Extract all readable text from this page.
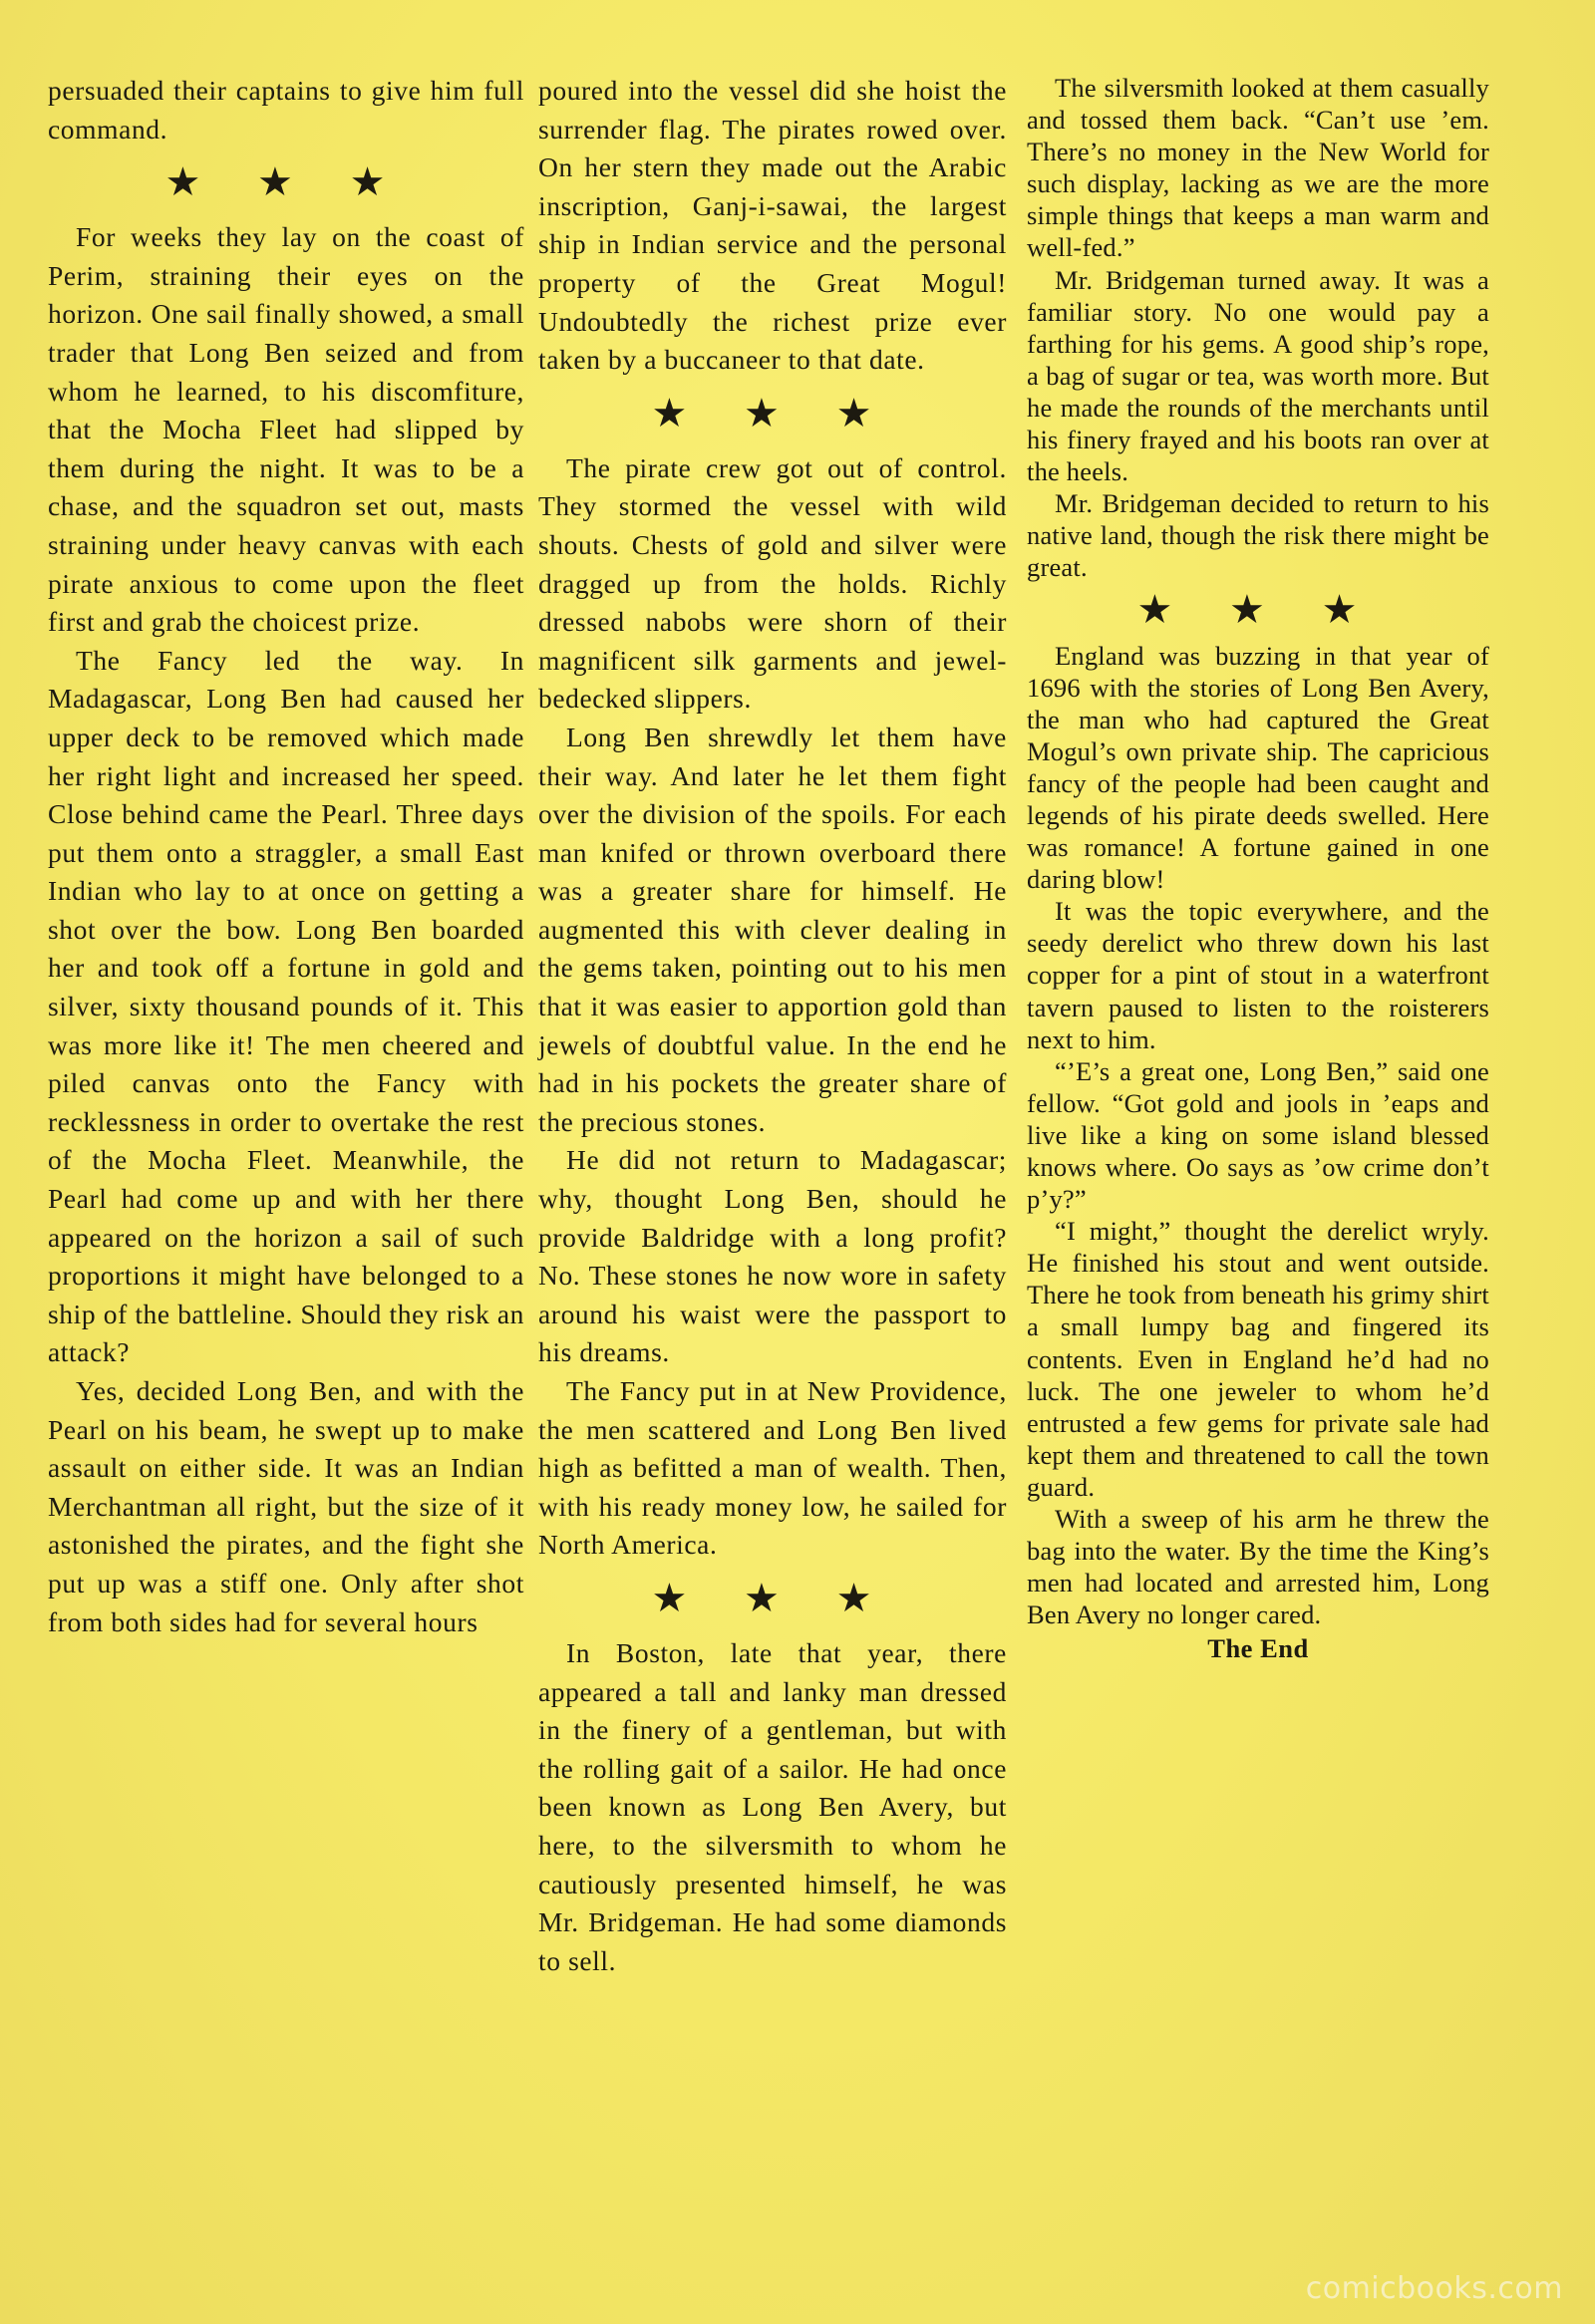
persuaded their captains to give him full command.

★ ★ ★

For weeks they lay on the coast of Perim, straining their eyes on the horizon. One sail finally showed, a small trader that Long Ben seized and from whom he learned, to his discomfiture, that the Mocha Fleet had slipped by them during the night. It was to be a chase, and the squadron set out, masts straining under heavy canvas with each pirate anxious to come upon the fleet first and grab the choicest prize.

The Fancy led the way. In Madagascar, Long Ben had caused her upper deck to be removed which made her right light and increased her speed. Close behind came the Pearl. Three days put them onto a straggler, a small East Indian who lay to at once on getting a shot over the bow. Long Ben boarded her and took off a fortune in gold and silver, sixty thousand pounds of it. This was more like it! The men cheered and piled canvas onto the Fancy with recklessness in order to overtake the rest of the Mocha Fleet. Meanwhile, the Pearl had come up and with her there appeared on the horizon a sail of such proportions it might have belonged to a ship of the battleline. Should they risk an attack?

Yes, decided Long Ben, and with the Pearl on his beam, he swept up to make assault on either side. It was an Indian Merchantman all right, but the size of it astonished the pirates, and the fight she put up was a stiff one. Only after shot from both sides had for several hours

poured into the vessel did she hoist the surrender flag. The pirates rowed over. On her stern they made out the Arabic inscription, Ganj-i-sawai, the largest ship in Indian service and the personal property of the Great Mogul! Undoubtedly the richest prize ever taken by a buccaneer to that date.

★ ★ ★

The pirate crew got out of control. They stormed the vessel with wild shouts. Chests of gold and silver were dragged up from the holds. Richly dressed nabobs were shorn of their magnificent silk garments and jewel-bedecked slippers.

Long Ben shrewdly let them have their way. And later he let them fight over the division of the spoils. For each man knifed or thrown overboard there was a greater share for himself. He augmented this with clever dealing in the gems taken, pointing out to his men that it was easier to apportion gold than jewels of doubtful value. In the end he had in his pockets the greater share of the precious stones.

He did not return to Madagascar; why, thought Long Ben, should he provide Baldridge with a long profit? No. These stones he now wore in safety around his waist were the passport to his dreams.

The Fancy put in at New Providence, the men scattered and Long Ben lived high as befitted a man of wealth. Then, with his ready money low, he sailed for North America.

★ ★ ★

In Boston, late that year, there appeared a tall and lanky man dressed in the finery of a gentleman, but with the rolling gait of a sailor. He had once been known as Long Ben Avery, but here, to the silversmith to whom he cautiously presented himself, he was Mr. Bridgeman. He had some diamonds to sell.

The silversmith looked at them casually and tossed them back. “Can’t use ’em. There’s no money in the New World for such display, lacking as we are the more simple things that keeps a man warm and well-fed.”

Mr. Bridgeman turned away. It was a familiar story. No one would pay a farthing for his gems. A good ship’s rope, a bag of sugar or tea, was worth more. But he made the rounds of the merchants until his finery frayed and his boots ran over at the heels.

Mr. Bridgeman decided to return to his native land, though the risk there might be great.

★ ★ ★

England was buzzing in that year of 1696 with the stories of Long Ben Avery, the man who had captured the Great Mogul’s own private ship. The capricious fancy of the people had been caught and legends of his pirate deeds swelled. Here was romance! A fortune gained in one daring blow!

It was the topic everywhere, and the seedy derelict who threw down his last copper for a pint of stout in a waterfront tavern paused to listen to the roisterers next to him.

“’E’s a great one, Long Ben,” said one fellow. “Got gold and jools in ’eaps and live like a king on some island blessed knows where. Oo says as ’ow crime don’t p’y?”

“I might,” thought the derelict wryly. He finished his stout and went outside. There he took from beneath his grimy shirt a small lumpy bag and fingered its contents. Even in England he’d had no luck. The one jeweler to whom he’d entrusted a few gems for private sale had kept them and threatened to call the town guard.

With a sweep of his arm he threw the bag into the water. By the time the King’s men had located and arrested him, Long Ben Avery no longer cared.

The End
comicbooks.com
